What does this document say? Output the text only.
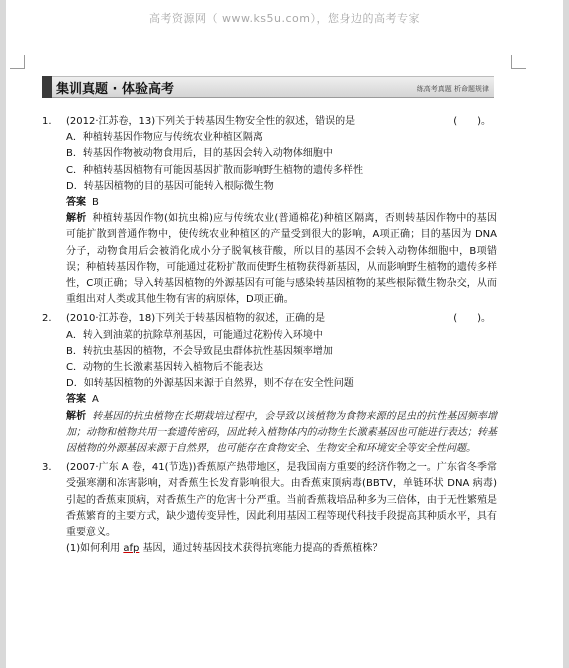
高考资源网（ www.ks5u.com），您身边的高考专家
集训真题 · 体验高考	练高考真题 析命题规律
1. (2012·江苏卷，13)下列关于转基因生物安全性的叙述，错误的是	(　　)。
A．种植转基因作物应与传统农业种植区隔离
B．转基因作物被动物食用后，目的基因会转入动物体细胞中
C．种植转基因植物有可能因基因扩散而影响野生植物的遗传多样性
D．转基因植物的目的基因可能转入根际微生物
答案 B
解析 种植转基因作物(如抗虫棉)应与传统农业(普通棉花)种植区隔离，否则转基因作物中的基因可能扩散到普通作物中，使传统农业种植区的产量受到很大的影响，A项正确；目的基因为 DNA 分子，动物食用后会被消化成小分子脱氧核苷酸，所以目的基因不会转入动物体细胞中，B项错误；种植转基因作物，可能通过花粉扩散而使野生植物获得新基因，从而影响野生植物的遗传多样性，C项正确；导入转基因植物的外源基因有可能与感染转基因植物的某些根际微生物杂交，从而重组出对人类或其他生物有害的病原体，D项正确。
2. (2010·江苏卷，18)下列关于转基因植物的叙述，正确的是	(　　)。
A．转入到油菜的抗除草剂基因，可能通过花粉传入环境中
B．转抗虫基因的植物，不会导致昆虫群体抗性基因频率增加
C．动物的生长激素基因转入植物后不能表达
D．如转基因植物的外源基因来源于自然界，则不存在安全性问题
答案 A
解析 转基因的抗虫植物在长期栽培过程中，会导致以该植物为食物来源的昆虫的抗性基因频率增加；动物和植物共用一套遗传密码，因此转入植物体内的动物生长激素基因也可能进行表达；转基因植物的外源基因来源于自然界，也可能存在食物安全、生物安全和环境安全等安全性问题。
3. (2007·广东 A 卷，41(节选))香蕉原产热带地区，是我国南方重要的经济作物之一。广东省冬季常受强寒潮和冻害影响，对香蕉生长发育影响很大。由香蕉束顶病毒(BBTV，单链环状 DNA 病毒)引起的香蕉束顶病，对香蕉生产的危害十分严重。当前香蕉栽培品种多为三倍体，由于无性繁殖是香蕉繁育的主要方式，缺少遗传变异性，因此利用基因工程等现代科技手段提高其种质水平，具有重要意义。
(1)如何利用 afp 基因，通过转基因技术获得抗寒能力提高的香蕉植株？
